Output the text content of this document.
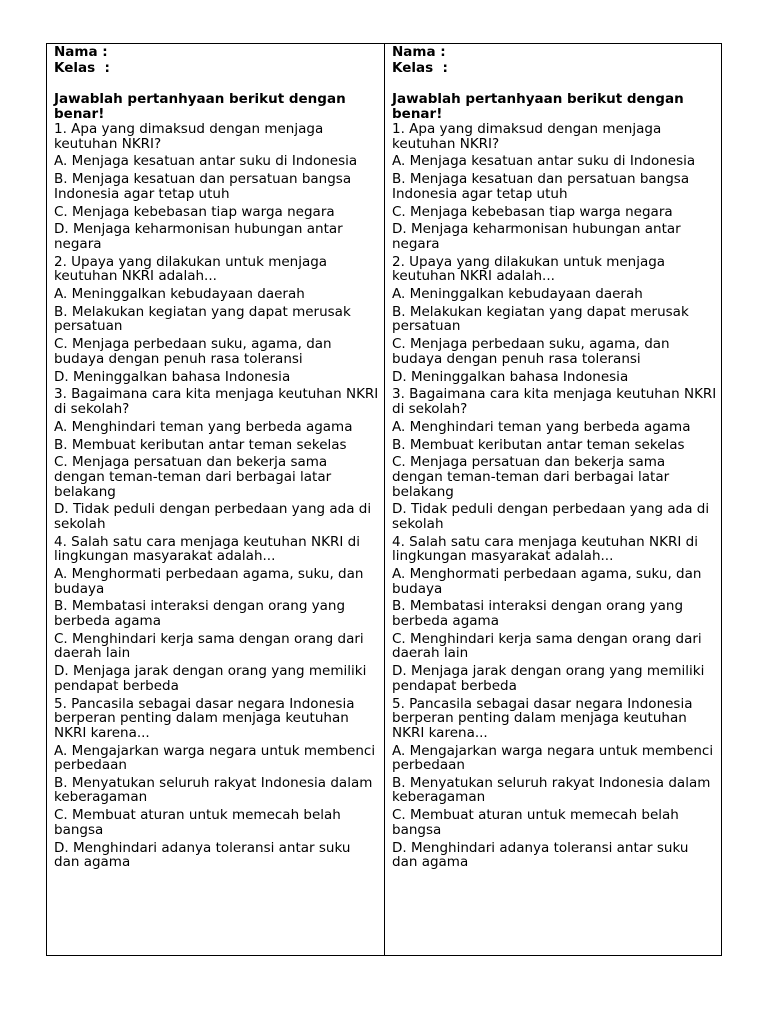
Nama :
Kelas  :
Jawablah pertanhyaan berikut dengan benar!

1. Apa yang dimaksud dengan menjaga keutuhan NKRI?

A. Menjaga kesatuan antar suku di Indonesia

B. Menjaga kesatuan dan persatuan bangsa Indonesia agar tetap utuh

C. Menjaga kebebasan tiap warga negara

D. Menjaga keharmonisan hubungan antar negara

2. Upaya yang dilakukan untuk menjaga keutuhan NKRI adalah...

A. Meninggalkan kebudayaan daerah

B. Melakukan kegiatan yang dapat merusak persatuan

C. Menjaga perbedaan suku, agama, dan budaya dengan penuh rasa toleransi

D. Meninggalkan bahasa Indonesia

3. Bagaimana cara kita menjaga keutuhan NKRI di sekolah?

A. Menghindari teman yang berbeda agama

B. Membuat keributan antar teman sekelas

C. Menjaga persatuan dan bekerja sama dengan teman-teman dari berbagai latar belakang

D. Tidak peduli dengan perbedaan yang ada di sekolah

4. Salah satu cara menjaga keutuhan NKRI di lingkungan masyarakat adalah...

A. Menghormati perbedaan agama, suku, dan budaya

B. Membatasi interaksi dengan orang yang berbeda agama

C. Menghindari kerja sama dengan orang dari daerah lain

D. Menjaga jarak dengan orang yang memiliki pendapat berbeda

5. Pancasila sebagai dasar negara Indonesia berperan penting dalam menjaga keutuhan NKRI karena...

A. Mengajarkan warga negara untuk membenci perbedaan

B. Menyatukan seluruh rakyat Indonesia dalam keberagaman

C. Membuat aturan untuk memecah belah bangsa

D. Menghindari adanya toleransi antar suku dan agama

Nama :
Kelas  :
Jawablah pertanhyaan berikut dengan benar!

1. Apa yang dimaksud dengan menjaga keutuhan NKRI?

A. Menjaga kesatuan antar suku di Indonesia

B. Menjaga kesatuan dan persatuan bangsa Indonesia agar tetap utuh

C. Menjaga kebebasan tiap warga negara

D. Menjaga keharmonisan hubungan antar negara

2. Upaya yang dilakukan untuk menjaga keutuhan NKRI adalah...

A. Meninggalkan kebudayaan daerah

B. Melakukan kegiatan yang dapat merusak persatuan

C. Menjaga perbedaan suku, agama, dan budaya dengan penuh rasa toleransi

D. Meninggalkan bahasa Indonesia

3. Bagaimana cara kita menjaga keutuhan NKRI di sekolah?

A. Menghindari teman yang berbeda agama

B. Membuat keributan antar teman sekelas

C. Menjaga persatuan dan bekerja sama dengan teman-teman dari berbagai latar belakang

D. Tidak peduli dengan perbedaan yang ada di sekolah

4. Salah satu cara menjaga keutuhan NKRI di lingkungan masyarakat adalah...

A. Menghormati perbedaan agama, suku, dan budaya

B. Membatasi interaksi dengan orang yang berbeda agama

C. Menghindari kerja sama dengan orang dari daerah lain

D. Menjaga jarak dengan orang yang memiliki pendapat berbeda

5. Pancasila sebagai dasar negara Indonesia berperan penting dalam menjaga keutuhan NKRI karena...

A. Mengajarkan warga negara untuk membenci perbedaan

B. Menyatukan seluruh rakyat Indonesia dalam keberagaman

C. Membuat aturan untuk memecah belah bangsa

D. Menghindari adanya toleransi antar suku dan agama
